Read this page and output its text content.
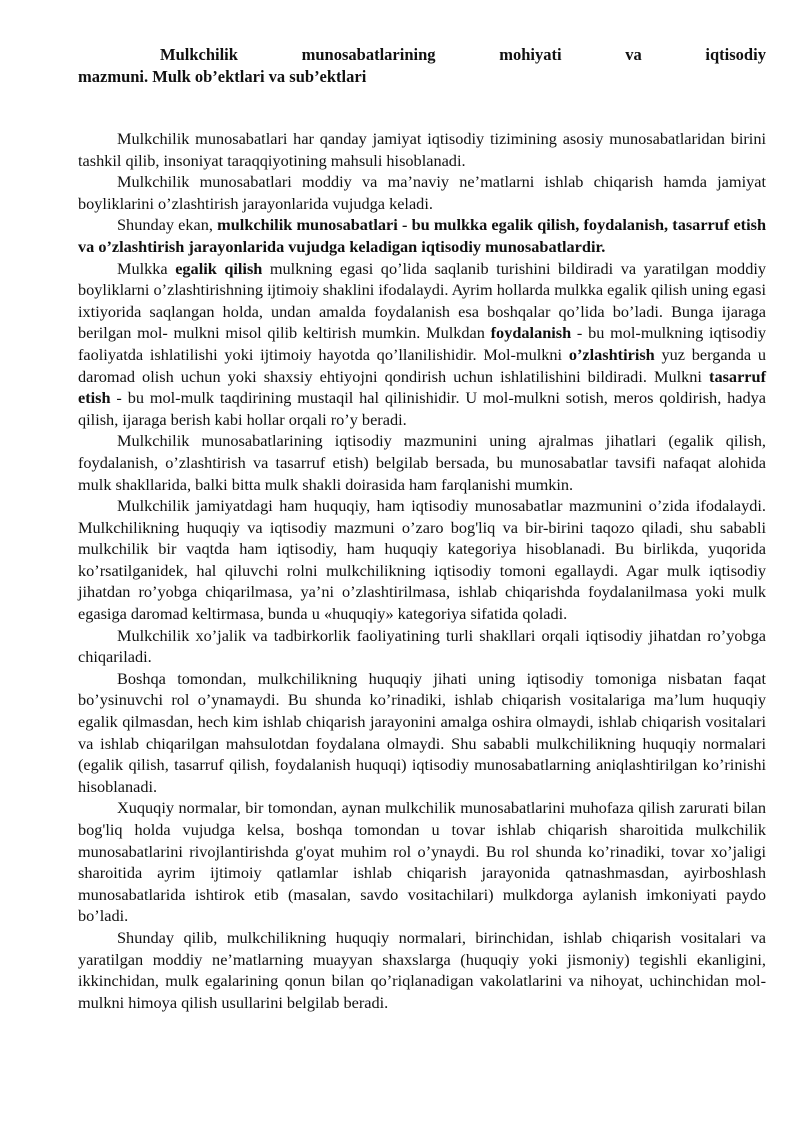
Mulkchilik	munosabatlarining	mohiyati	va	iqtisodiy
mazmuni. Mulk ob’ektlari va sub’ektlari

Mulkchilik munosabatlari har qanday jamiyat iqtisodiy tizimining asosiy munosabatlaridan birini tashkil qilib, insoniyat taraqqiyotining mahsuli hisoblanadi.

Mulkchilik munosabatlari moddiy va ma’naviy ne’matlarni ishlab chiqarish hamda jamiyat boyliklarini o’zlashtirish jarayonlarida vujudga keladi.

Shunday ekan, mulkchilik munosabatlari - bu mulkka egalik qilish, foydalanish, tasarruf etish va o’zlashtirish jarayonlarida vujudga keladigan iqtisodiy munosabatlardir.

Mulkka egalik qilish mulkning egasi qo’lida saqlanib turishini bildiradi va yaratilgan moddiy boyliklarni o’zlashtirishning ijtimoiy shaklini ifodalaydi. Ayrim hollarda mulkka egalik qilish uning egasi ixtiyorida saqlangan holda, undan amalda foydalanish esa boshqalar qo’lida bo’ladi. Bunga ijaraga berilgan mol- mulkni misol qilib keltirish mumkin. Mulkdan foydalanish - bu mol-mulkning iqtisodiy faoliyatda ishlatilishi yoki ijtimoiy hayotda qo’llanilishidir. Mol-mulkni o’zlashtirish yuz berganda u daromad olish uchun yoki shaxsiy ehtiyojni qondirish uchun ishlatilishini bildiradi. Mulkni tasarruf etish - bu mol-mulk taqdirining mustaqil hal qilinishidir. U mol-mulkni sotish, meros qoldirish, hadya qilish, ijaraga berish kabi hollar orqali ro’y beradi.

Mulkchilik munosabatlarining iqtisodiy mazmunini uning ajralmas jihatlari (egalik qilish, foydalanish, o’zlashtirish va tasarruf etish) belgilab bersada, bu munosabatlar tavsifi nafaqat alohida mulk shakllarida, balki bitta mulk shakli doirasida ham farqlanishi mumkin.

Mulkchilik jamiyatdagi ham huquqiy, ham iqtisodiy munosabatlar mazmunini o’zida ifodalaydi. Mulkchilikning huquqiy va iqtisodiy mazmuni o’zaro bog'liq va bir-birini taqozo qiladi, shu sababli mulkchilik bir vaqtda ham iqtisodiy, ham huquqiy kategoriya hisoblanadi. Bu birlikda, yuqorida ko’rsatilganidek, hal qiluvchi rolni mulkchilikning iqtisodiy tomoni egallaydi. Agar mulk iqtisodiy jihatdan ro’yobga chiqarilmasa, ya’ni o’zlashtirilmasa, ishlab chiqarishda foydalanilmasa yoki mulk egasiga daromad keltirmasa, bunda u «huquqiy» kategoriya sifatida qoladi.

Mulkchilik xo’jalik va tadbirkorlik faoliyatining turli shakllari orqali iqtisodiy jihatdan ro’yobga chiqariladi.

Boshqa tomondan, mulkchilikning huquqiy jihati uning iqtisodiy tomoniga nisbatan faqat bo’ysinuvchi rol o’ynamaydi. Bu shunda ko’rinadiki, ishlab chiqarish vositalariga ma’lum huquqiy egalik qilmasdan, hech kim ishlab chiqarish jarayonini amalga oshira olmaydi, ishlab chiqarish vositalari va ishlab chiqarilgan mahsulotdan foydalana olmaydi. Shu sababli mulkchilikning huquqiy normalari (egalik qilish, tasarruf qilish, foydalanish huquqi) iqtisodiy munosabatlarning aniqlashtirilgan ko’rinishi hisoblanadi.

Xuquqiy normalar, bir tomondan, aynan mulkchilik munosabatlarini muhofaza qilish zarurati bilan bog'liq holda vujudga kelsa, boshqa tomondan u tovar ishlab chiqarish sharoitida mulkchilik munosabatlarini rivojlantirishda g'oyat muhim rol o’ynaydi. Bu rol shunda ko’rinadiki, tovar xo’jaligi sharoitida ayrim ijtimoiy qatlamlar ishlab chiqarish jarayonida qatnashmasdan, ayirboshlash munosabatlarida ishtirok etib (masalan, savdo vositachilari) mulkdorga aylanish imkoniyati paydo bo’ladi.

Shunday qilib, mulkchilikning huquqiy normalari, birinchidan, ishlab chiqarish vositalari va yaratilgan moddiy ne’matlarning muayyan shaxslarga (huquqiy yoki jismoniy) tegishli ekanligini, ikkinchidan, mulk egalarining qonun bilan qo’riqlanadigan vakolatlarini va nihoyat, uchinchidan mol-mulkni himoya qilish usullarini belgilab beradi.
